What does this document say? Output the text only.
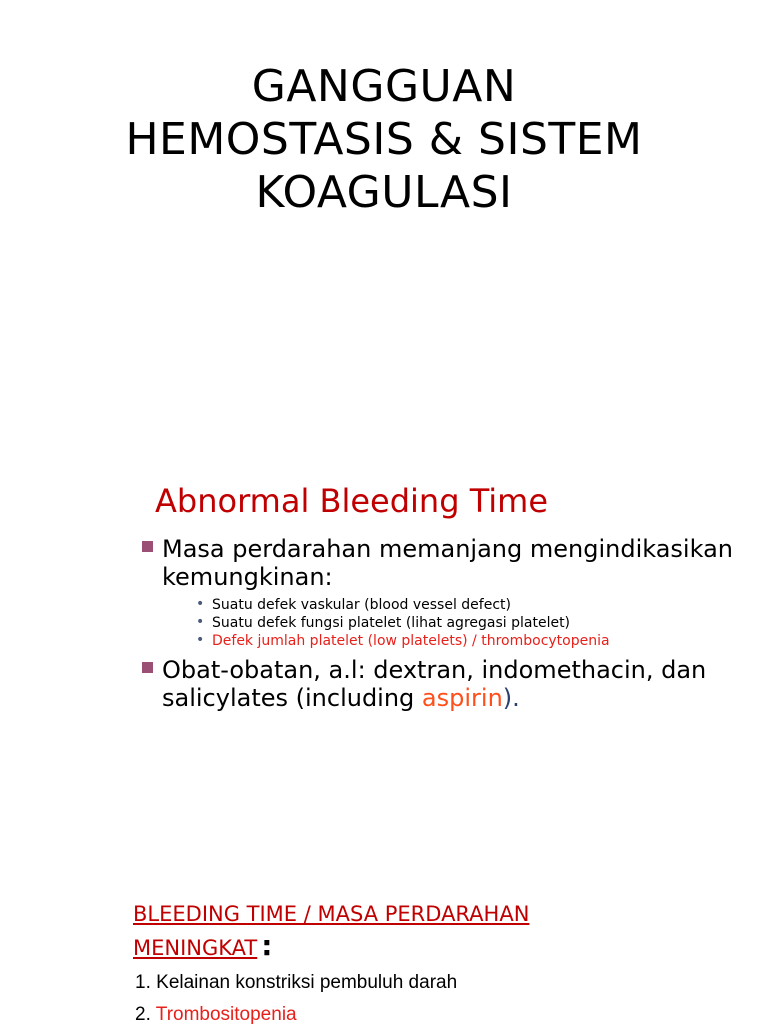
GANGGUAN
HEMOSTASIS & SISTEM
KOAGULASI
Abnormal Bleeding Time
Masa perdarahan memanjang mengindikasikan kemungkinan:
• Suatu defek vaskular (blood vessel defect)
• Suatu defek fungsi platelet (lihat agregasi platelet)
• Defek jumlah platelet (low platelets) / thrombocytopenia
Obat-obatan, a.l: dextran, indomethacin, dan salicylates (including aspirin).
BLEEDING TIME / MASA PERDARAHAN MENINGKAT :
1. Kelainan konstriksi pembuluh darah
2. Trombositopenia
